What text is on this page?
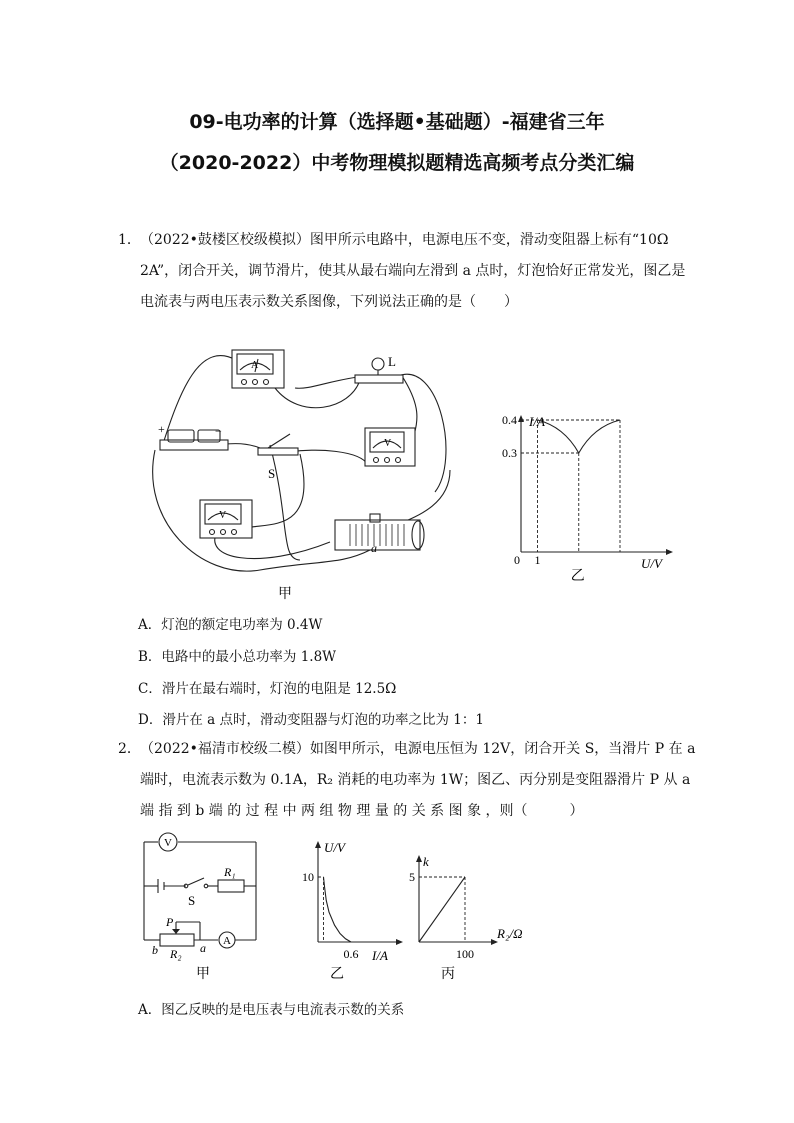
09-电功率的计算（选择题•基础题）-福建省三年
（2020-2022）中考物理模拟题精选高频考点分类汇编
1． （2022•鼓楼区校级模拟）图甲所示电路中，电源电压不变，滑动变阻器上标有“10Ω
2A”，闭合开关，调节滑片，使其从最右端向左滑到 a 点时，灯泡恰好正常发光，图乙是
电流表与两电压表示数关系图像，下列说法正确的是（　　）
A
V
V
+	−
L
S
a
甲
0 1
0.3
0.4 I/A
U/V
乙
A．灯泡的额定电功率为 0.4W
B．电路中的最小总功率为 1.8W
C．滑片在最右端时，灯泡的电阻是 12.5Ω
D．滑片在 a 点时，滑动变阻器与灯泡的功率之比为 1：1
2． （2022•福清市校级二模）如图甲所示，电源电压恒为 12V，闭合开关 S，当滑片 P 在 a
端时，电流表示数为 0.1A，R₂ 消耗的电功率为 1W；图乙、丙分别是变阻器滑片 P 从 a
端 指 到 b 端 的 过 程 中 两 组 物 理 量 的 关 系 图 象 ，则（　　　）
V
A
R₁
S
P
R₂
b	a
甲
10
0.6
U/V
I/A
乙
5
100
k
R₂/Ω
丙
A．图乙反映的是电压表与电流表示数的关系
